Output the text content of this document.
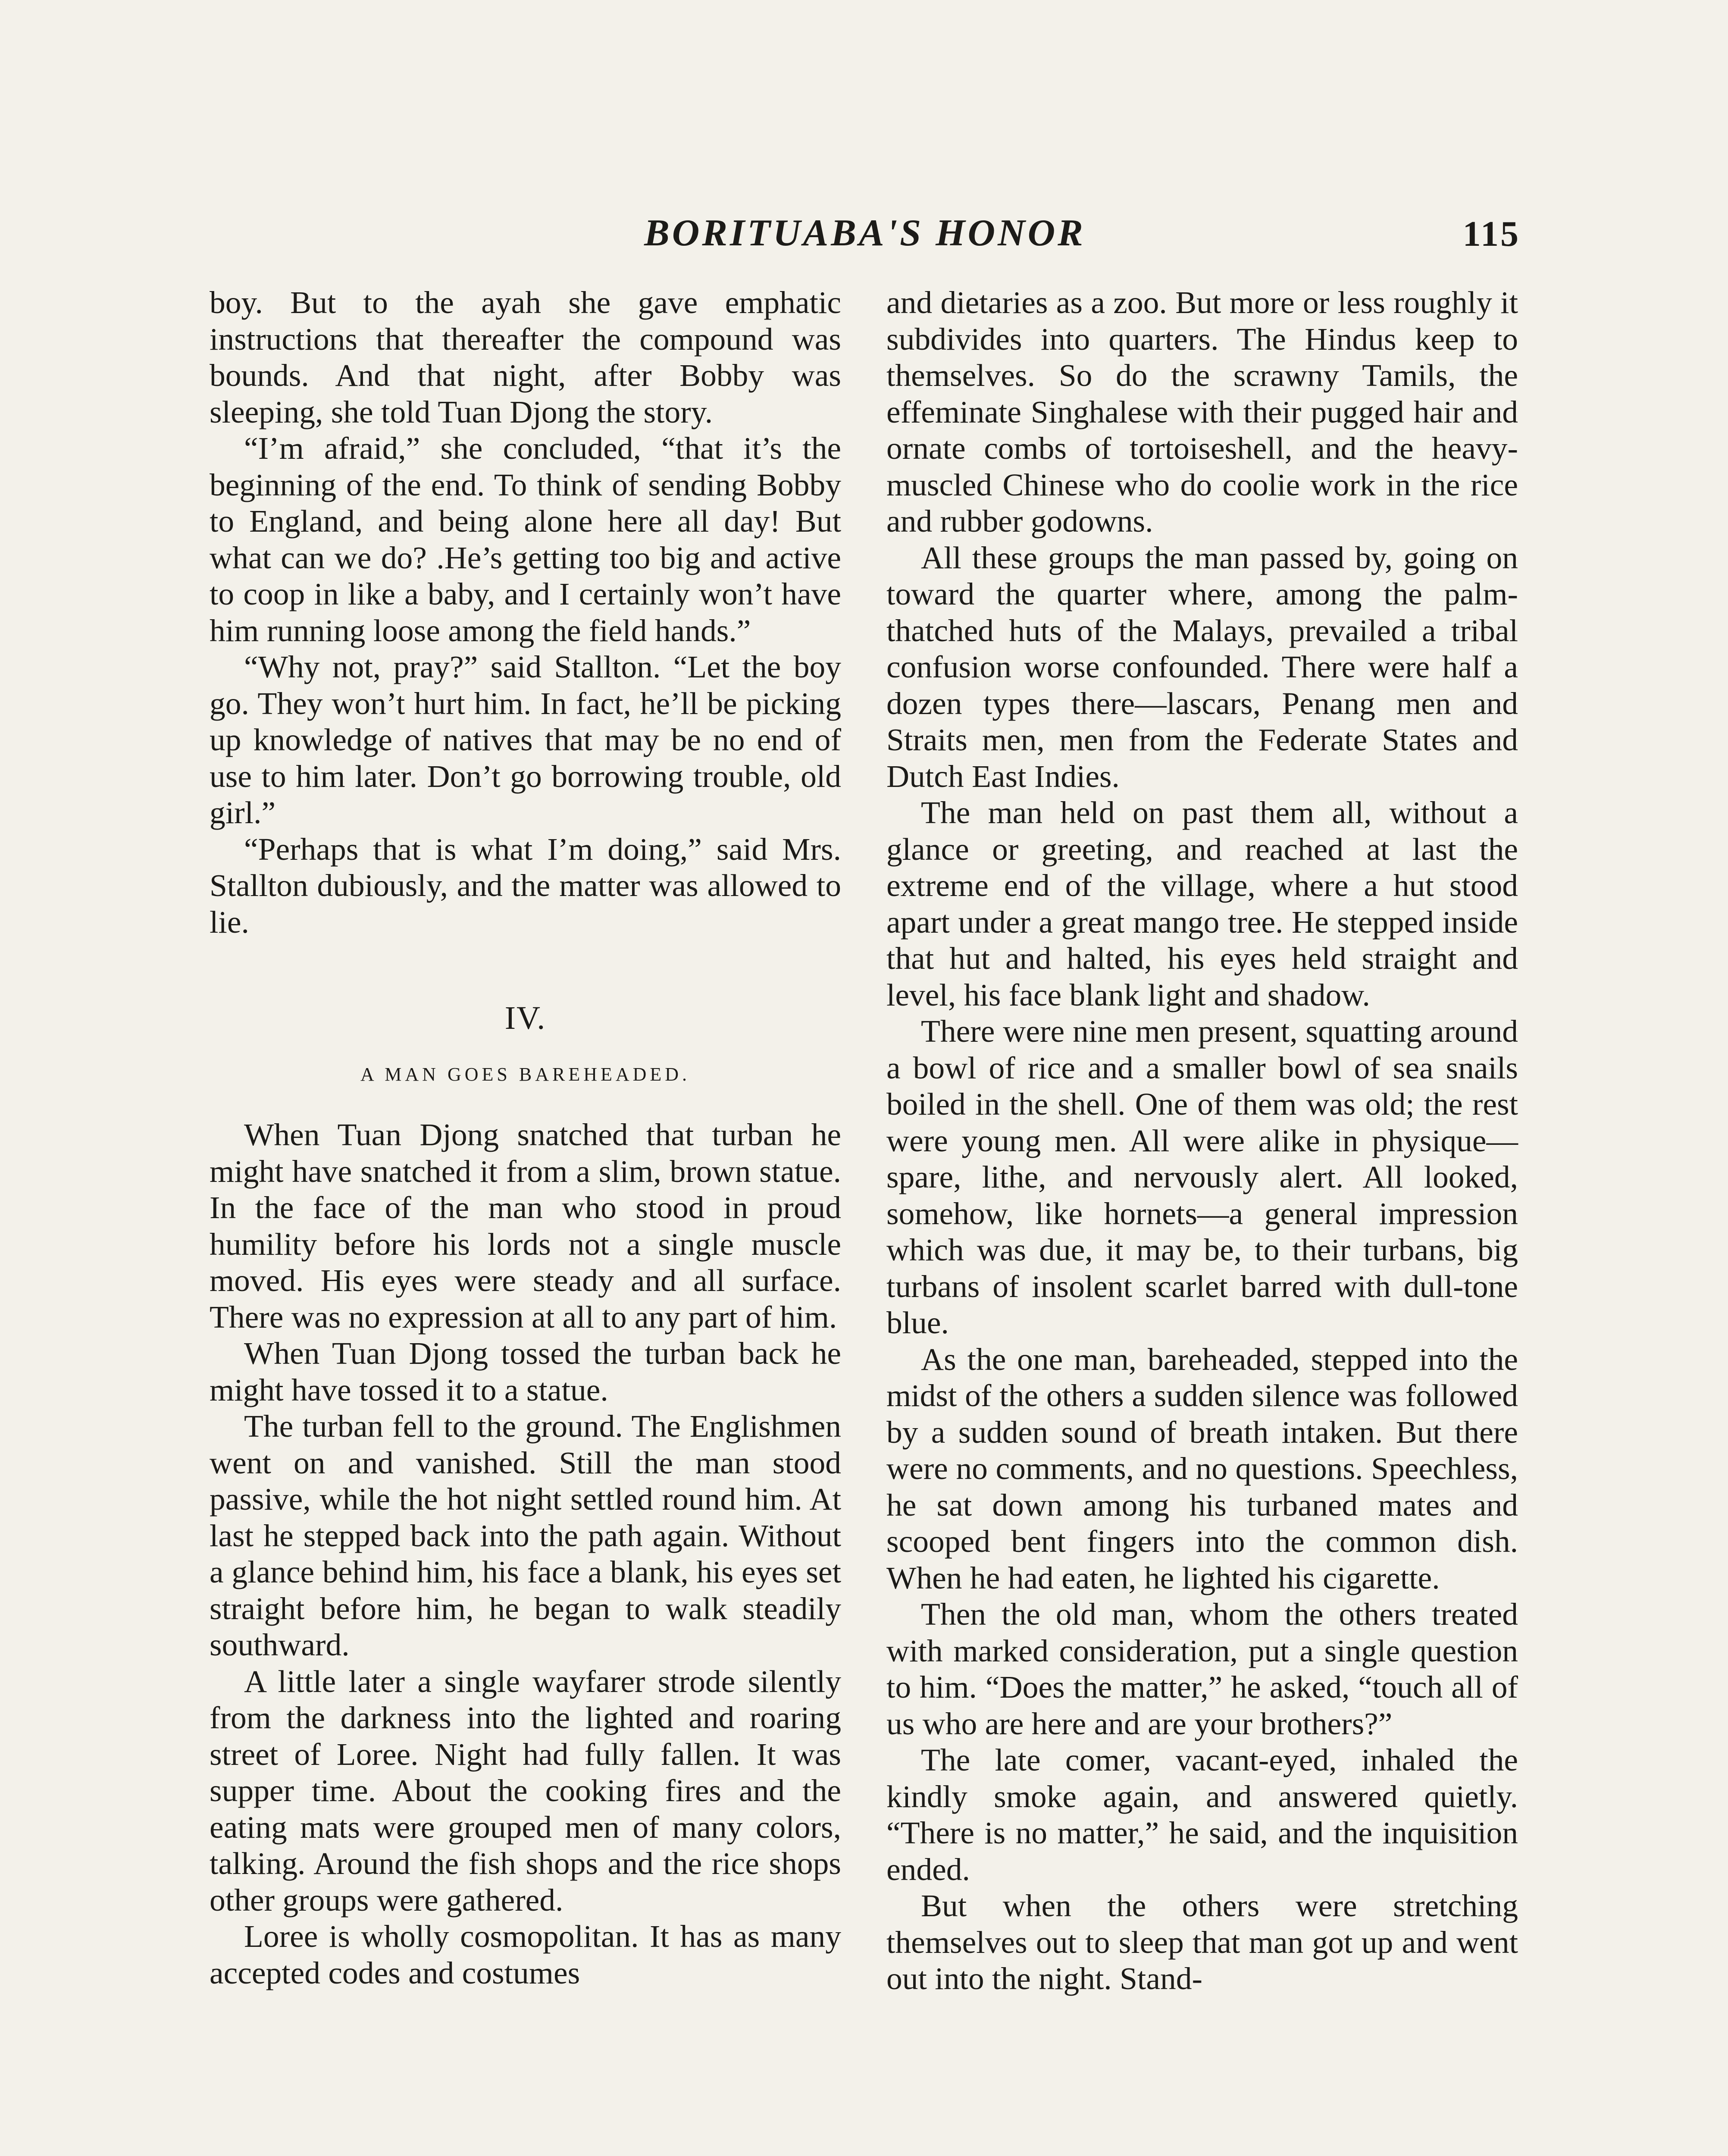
BORITUABA'S HONOR	115

boy. But to the ayah she gave emphatic instructions that thereafter the compound was bounds. And that night, after Bobby was sleeping, she told Tuan Djong the story.

“I’m afraid,” she concluded, “that it’s the beginning of the end. To think of sending Bobby to England, and being alone here all day! But what can we do? .He’s getting too big and active to coop in like a baby, and I certainly won’t have him running loose among the field hands.”

“Why not, pray?” said Stallton. “Let the boy go. They won’t hurt him. In fact, he’ll be picking up knowledge of natives that may be no end of use to him later. Don’t go borrowing trouble, old girl.”

“Perhaps that is what I’m doing,” said Mrs. Stallton dubiously, and the matter was allowed to lie.

IV.
A MAN GOES BAREHEADED.

When Tuan Djong snatched that turban he might have snatched it from a slim, brown statue. In the face of the man who stood in proud humility before his lords not a single muscle moved. His eyes were steady and all surface. There was no expression at all to any part of him.

When Tuan Djong tossed the turban back he might have tossed it to a statue.

The turban fell to the ground. The Englishmen went on and vanished. Still the man stood passive, while the hot night settled round him. At last he stepped back into the path again. Without a glance behind him, his face a blank, his eyes set straight before him, he began to walk steadily southward.

A little later a single wayfarer strode silently from the darkness into the lighted and roaring street of Loree. Night had fully fallen. It was supper time. About the cooking fires and the eating mats were grouped men of many colors, talking. Around the fish shops and the rice shops other groups were gathered.

Loree is wholly cosmopolitan. It has as many accepted codes and costumes

and dietaries as a zoo. But more or less roughly it subdivides into quarters. The Hindus keep to themselves. So do the scrawny Tamils, the effeminate Singhalese with their pugged hair and ornate combs of tortoiseshell, and the heavy-muscled Chinese who do coolie work in the rice and rubber godowns.

All these groups the man passed by, going on toward the quarter where, among the palm-thatched huts of the Malays, prevailed a tribal confusion worse confounded. There were half a dozen types there—lascars, Penang men and Straits men, men from the Federate States and Dutch East Indies.

The man held on past them all, without a glance or greeting, and reached at last the extreme end of the village, where a hut stood apart under a great mango tree. He stepped inside that hut and halted, his eyes held straight and level, his face blank light and shadow.

There were nine men present, squatting around a bowl of rice and a smaller bowl of sea snails boiled in the shell. One of them was old; the rest were young men. All were alike in physique—spare, lithe, and nervously alert. All looked, somehow, like hornets—a general impression which was due, it may be, to their turbans, big turbans of insolent scarlet barred with dull-tone blue.

As the one man, bareheaded, stepped into the midst of the others a sudden silence was followed by a sudden sound of breath intaken. But there were no comments, and no questions. Speechless, he sat down among his turbaned mates and scooped bent fingers into the common dish. When he had eaten, he lighted his cigarette.

Then the old man, whom the others treated with marked consideration, put a single question to him. “Does the matter,” he asked, “touch all of us who are here and are your brothers?”

The late comer, vacant-eyed, inhaled the kindly smoke again, and answered quietly. “There is no matter,” he said, and the inquisition ended.

But when the others were stretching themselves out to sleep that man got up and went out into the night. Stand-
